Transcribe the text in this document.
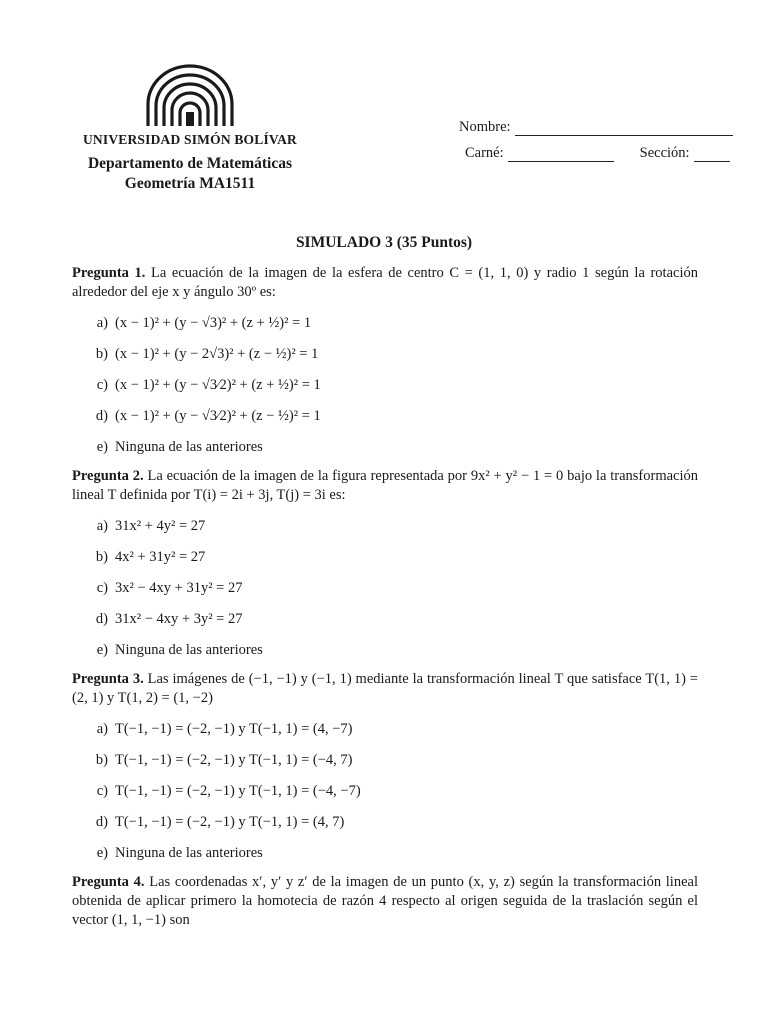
UNIVERSIDAD SIMÓN BOLÍVAR
Departamento de Matemáticas
Geometría MA1511
Nombre:
Carné:	Sección:
SIMULADO 3 (35 Puntos)
Pregunta 1. La ecuación de la imagen de la esfera de centro C = (1, 1, 0) y radio 1 según la rotación alrededor del eje x y ángulo 30º es:
a) (x − 1)² + (y − √3)² + (z + ½)² = 1
b) (x − 1)² + (y − 2√3)² + (z − ½)² = 1
c) (x − 1)² + (y − √3⁄2)² + (z + ½)² = 1
d) (x − 1)² + (y − √3⁄2)² + (z − ½)² = 1
e) Ninguna de las anteriores
Pregunta 2. La ecuación de la imagen de la figura representada por 9x² + y² − 1 = 0 bajo la transformación lineal T definida por T(i) = 2i + 3j, T(j) = 3i es:
a) 31x² + 4y² = 27
b) 4x² + 31y² = 27
c) 3x² − 4xy + 31y² = 27
d) 31x² − 4xy + 3y² = 27
e) Ninguna de las anteriores
Pregunta 3. Las imágenes de (−1, −1) y (−1, 1) mediante la transformación lineal T que satisface T(1, 1) = (2, 1) y T(1, 2) = (1, −2)
a) T(−1, −1) = (−2, −1) y T(−1, 1) = (4, −7)
b) T(−1, −1) = (−2, −1) y T(−1, 1) = (−4, 7)
c) T(−1, −1) = (−2, −1) y T(−1, 1) = (−4, −7)
d) T(−1, −1) = (−2, −1) y T(−1, 1) = (4, 7)
e) Ninguna de las anteriores
Pregunta 4. Las coordenadas x′, y′ y z′ de la imagen de un punto (x, y, z) según la transformación lineal obtenida de aplicar primero la homotecia de razón 4 respecto al origen seguida de la traslación según el vector (1, 1, −1) son
